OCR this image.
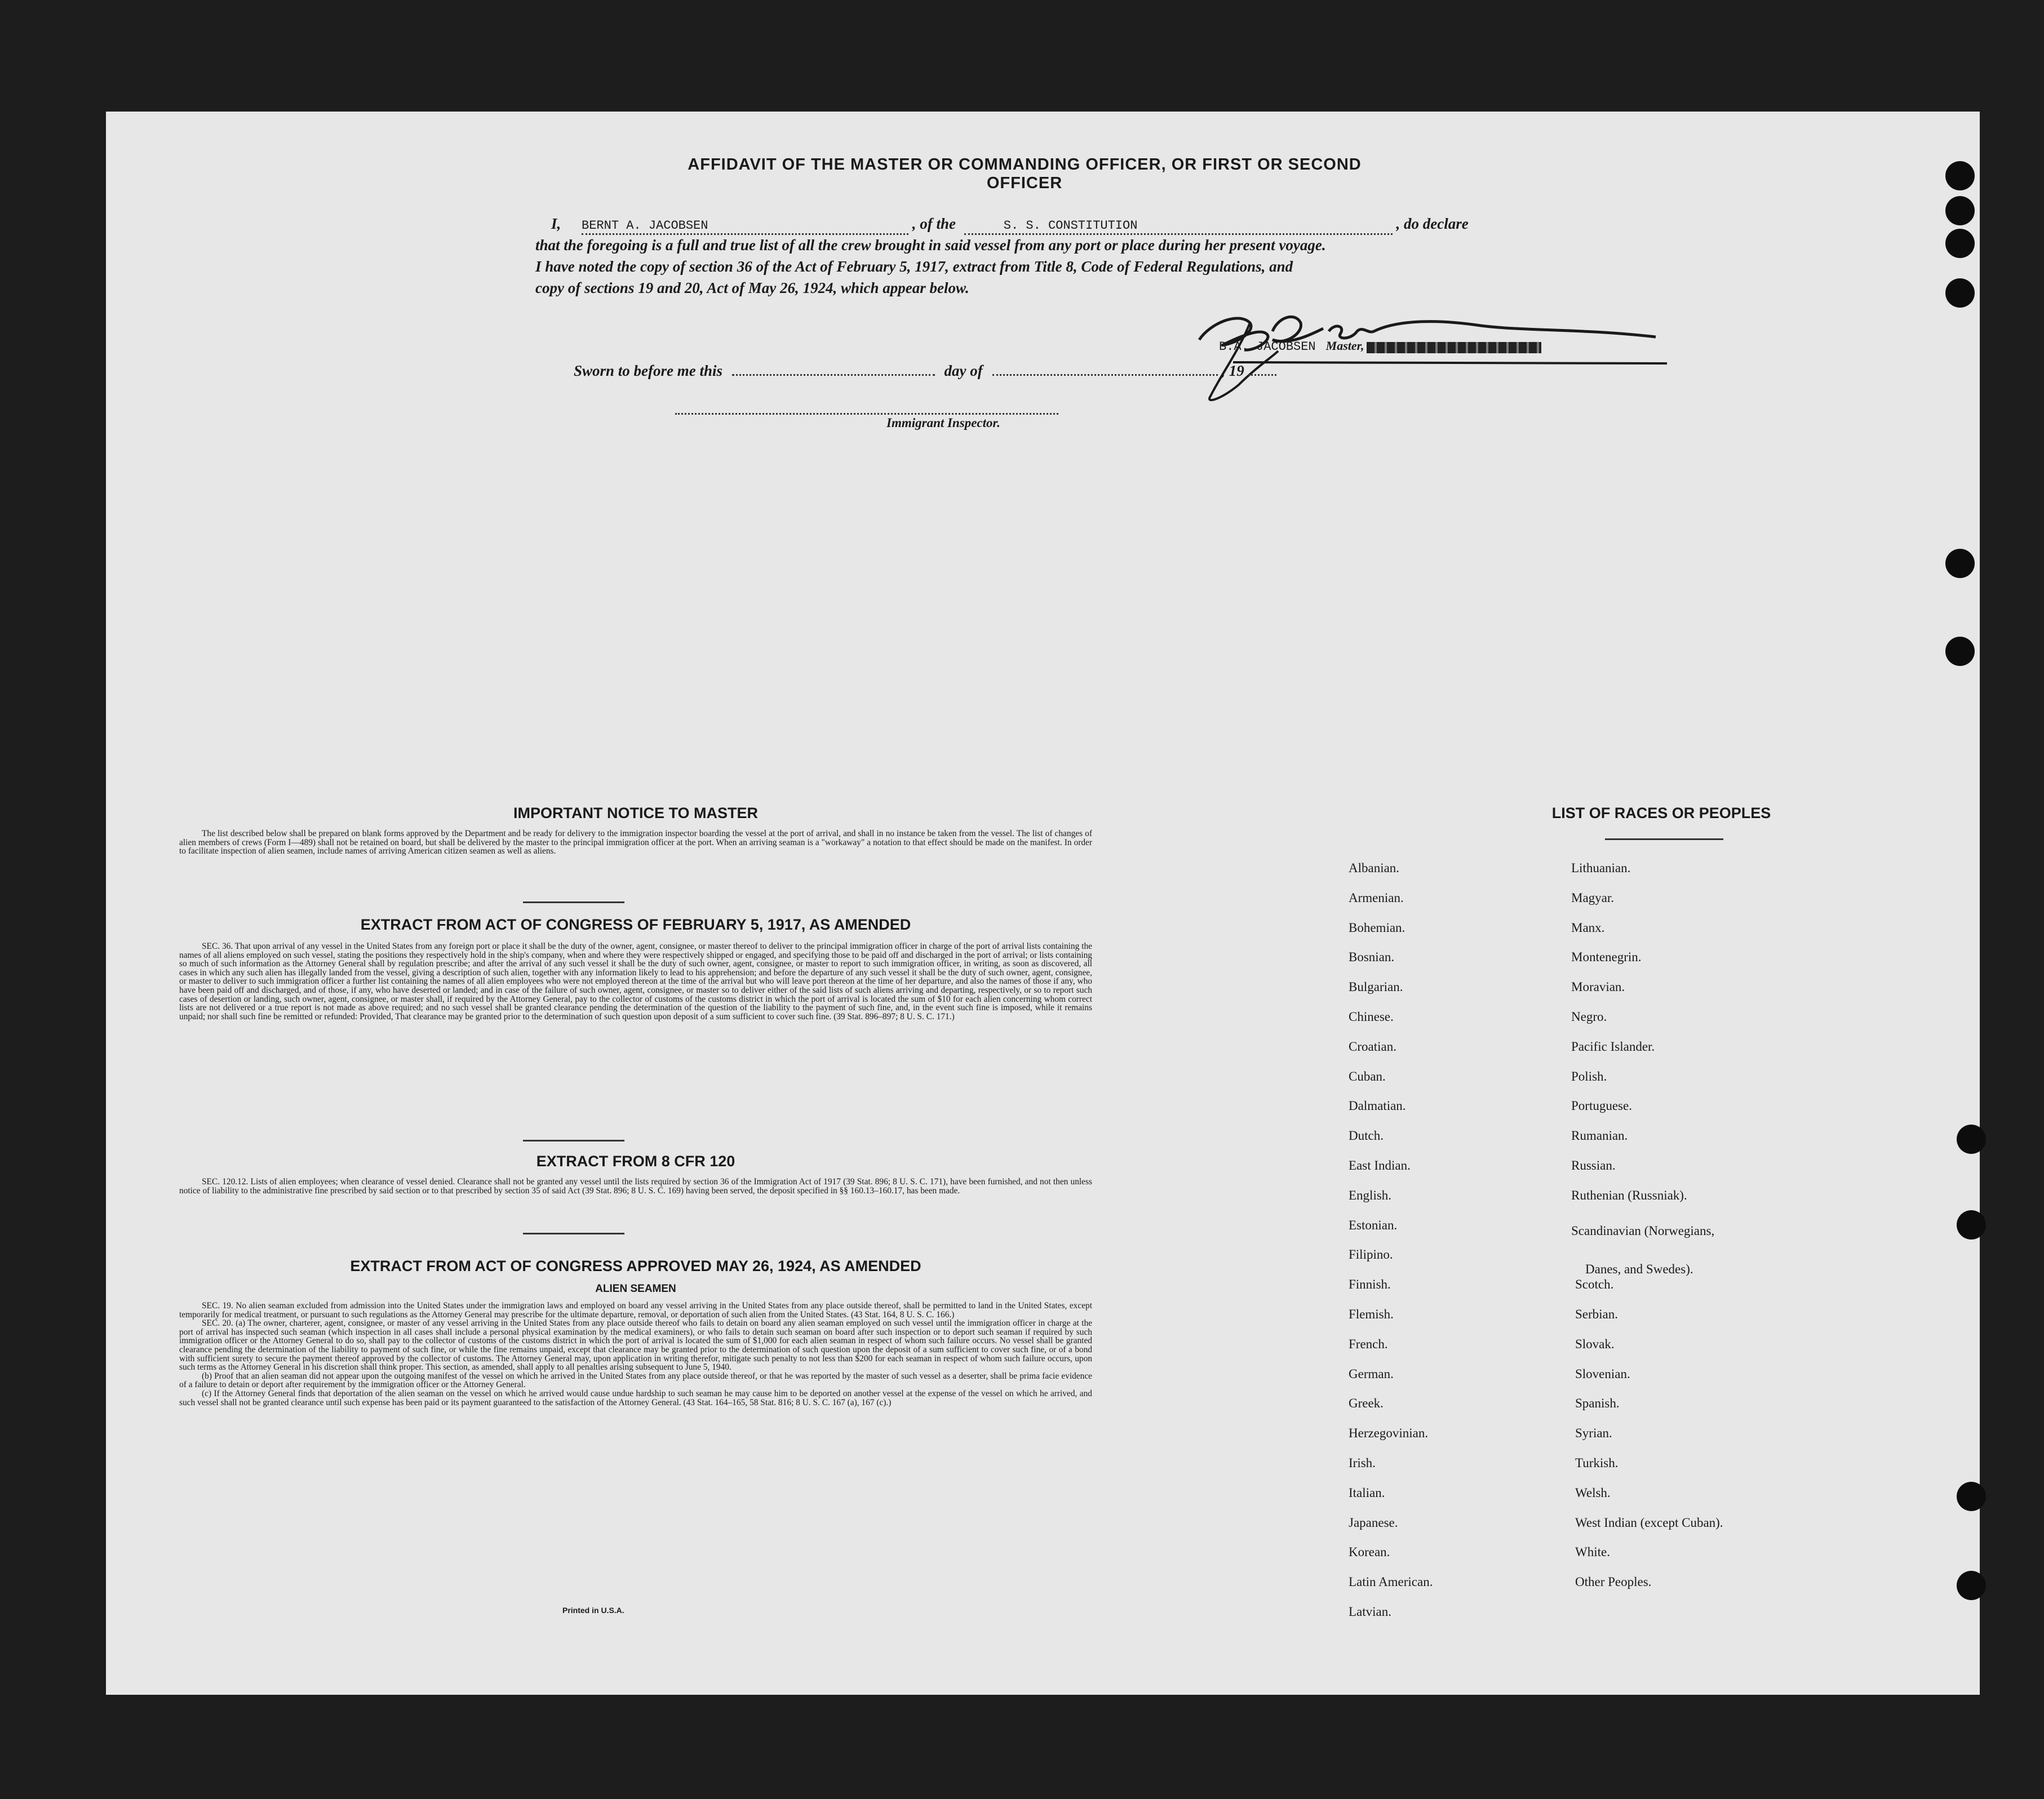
AFFIDAVIT OF THE MASTER OR COMMANDING OFFICER, OR FIRST OR SECOND OFFICER
I, BERNT A. JACOBSEN	, of the	S. S. CONSTITUTION	, do declare
that the foregoing is a full and true list of all the crew brought in said vessel from any port or place during her present voyage.
I have noted the copy of section 36 of the Act of February 5, 1917, extract from Title 8, Code of Federal Regulations, and
copy of sections 19 and 20, Act of May 26, 1924, which appear below.
B.A. JACOBSEN Master,
Sworn to before me this	day of	, 19
Immigrant Inspector.
IMPORTANT NOTICE TO MASTER

The list described below shall be prepared on blank forms approved by the Department and be ready for delivery to the immigration inspector boarding the vessel at the port of arrival, and shall in no instance be taken from the vessel. The list of changes of alien members of crews (Form I—489) shall not be retained on board, but shall be delivered by the master to the principal immigration officer at the port. When an arriving seaman is a "workaway" a notation to that effect should be made on the manifest. In order to facilitate inspection of alien seamen, include names of arriving American citizen seamen as well as aliens.

EXTRACT FROM ACT OF CONGRESS OF FEBRUARY 5, 1917, AS AMENDED

SEC. 36. That upon arrival of any vessel in the United States from any foreign port or place it shall be the duty of the owner, agent, consignee, or master thereof to deliver to the principal immigration officer in charge of the port of arrival lists containing the names of all aliens employed on such vessel, stating the positions they respectively hold in the ship's company, when and where they were respectively shipped or engaged, and specifying those to be paid off and discharged in the port of arrival; or lists containing so much of such information as the Attorney General shall by regulation prescribe; and after the arrival of any such vessel it shall be the duty of such owner, agent, consignee, or master to report to such immigration officer, in writing, as soon as discovered, all cases in which any such alien has illegally landed from the vessel, giving a description of such alien, together with any information likely to lead to his apprehension; and before the departure of any such vessel it shall be the duty of such owner, agent, consignee, or master to deliver to such immigration officer a further list containing the names of all alien employees who were not employed thereon at the time of the arrival but who will leave port thereon at the time of her departure, and also the names of those if any, who have been paid off and discharged, and of those, if any, who have deserted or landed; and in case of the failure of such owner, agent, consignee, or master so to deliver either of the said lists of such aliens arriving and departing, respectively, or so to report such cases of desertion or landing, such owner, agent, consignee, or master shall, if required by the Attorney General, pay to the collector of customs of the customs district in which the port of arrival is located the sum of $10 for each alien concerning whom correct lists are not delivered or a true report is not made as above required; and no such vessel shall be granted clearance pending the determination of the question of the liability to the payment of such fine, and, in the event such fine is imposed, while it remains unpaid; nor shall such fine be remitted or refunded: Provided, That clearance may be granted prior to the determination of such question upon deposit of a sum sufficient to cover such fine. (39 Stat. 896–897; 8 U. S. C. 171.)

EXTRACT FROM 8 CFR 120

SEC. 120.12. Lists of alien employees; when clearance of vessel denied. Clearance shall not be granted any vessel until the lists required by section 36 of the Immigration Act of 1917 (39 Stat. 896; 8 U. S. C. 171), have been furnished, and not then unless notice of liability to the administrative fine prescribed by said section or to that prescribed by section 35 of said Act (39 Stat. 896; 8 U. S. C. 169) having been served, the deposit specified in §§ 160.13–160.17, has been made.

EXTRACT FROM ACT OF CONGRESS APPROVED MAY 26, 1924, AS AMENDED
ALIEN SEAMEN

SEC. 19. No alien seaman excluded from admission into the United States under the immigration laws and employed on board any vessel arriving in the United States from any place outside thereof, shall be permitted to land in the United States, except temporarily for medical treatment, or pursuant to such regulations as the Attorney General may prescribe for the ultimate departure, removal, or deportation of such alien from the United States. (43 Stat. 164, 8 U. S. C. 166.)

SEC. 20. (a) The owner, charterer, agent, consignee, or master of any vessel arriving in the United States from any place outside thereof who fails to detain on board any alien seaman employed on such vessel until the immigration officer in charge at the port of arrival has inspected such seaman (which inspection in all cases shall include a personal physical examination by the medical examiners), or who fails to detain such seaman on board after such inspection or to deport such seaman if required by such immigration officer or the Attorney General to do so, shall pay to the collector of customs of the customs district in which the port of arrival is located the sum of $1,000 for each alien seaman in respect of whom such failure occurs. No vessel shall be granted clearance pending the determination of the liability to payment of such fine, or while the fine remains unpaid, except that clearance may be granted prior to the determination of such question upon the deposit of a sum sufficient to cover such fine, or of a bond with sufficient surety to secure the payment thereof approved by the collector of customs. The Attorney General may, upon application in writing therefor, mitigate such penalty to not less than $200 for each seaman in respect of whom such failure occurs, upon such terms as the Attorney General in his discretion shall think proper. This section, as amended, shall apply to all penalties arising subsequent to June 5, 1940.

(b) Proof that an alien seaman did not appear upon the outgoing manifest of the vessel on which he arrived in the United States from any place outside thereof, or that he was reported by the master of such vessel as a deserter, shall be prima facie evidence of a failure to detain or deport after requirement by the immigration officer or the Attorney General.

(c) If the Attorney General finds that deportation of the alien seaman on the vessel on which he arrived would cause undue hardship to such seaman he may cause him to be deported on another vessel at the expense of the vessel on which he arrived, and such vessel shall not be granted clearance until such expense has been paid or its payment guaranteed to the satisfaction of the Attorney General. (43 Stat. 164–165, 58 Stat. 816; 8 U. S. C. 167 (a), 167 (c).)

Printed in U.S.A.
LIST OF RACES OR PEOPLES
Albanian.
Armenian.
Bohemian.
Bosnian.
Bulgarian.
Chinese.
Croatian.
Cuban.
Dalmatian.
Dutch.
East Indian.
English.
Estonian.
Filipino.
Finnish.
Flemish.
French.
German.
Greek.
Herzegovinian.
Irish.
Italian.
Japanese.
Korean.
Latin American.
Latvian.
Lithuanian.
Magyar.
Manx.
Montenegrin.
Moravian.
Negro.
Pacific Islander.
Polish.
Portuguese.
Rumanian.
Russian.
Ruthenian (Russniak).
Scandinavian (Norwegians,
Danes, and Swedes).
Scotch.
Serbian.
Slovak.
Slovenian.
Spanish.
Syrian.
Turkish.
Welsh.
West Indian (except Cuban).
White.
Other Peoples.
